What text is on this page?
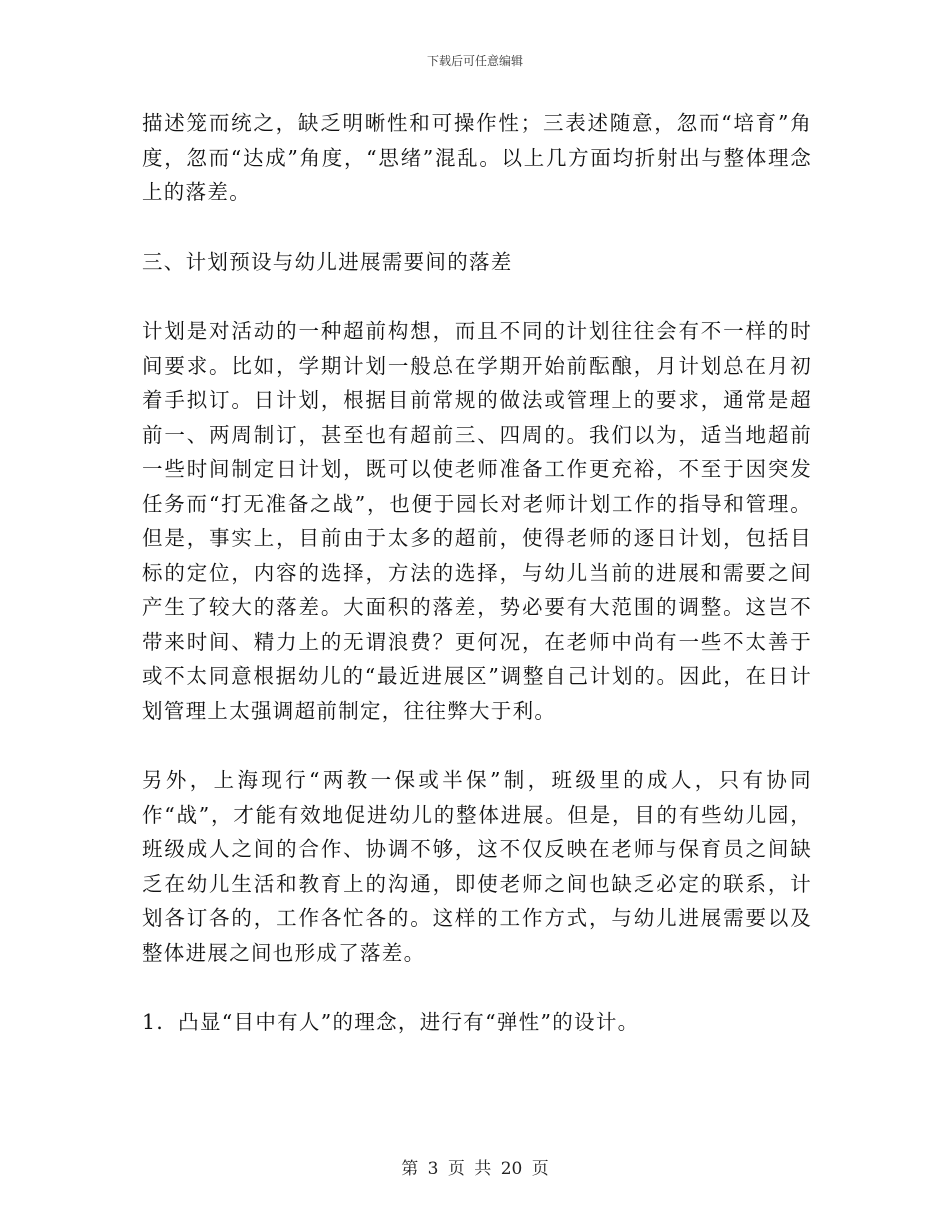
下载后可任意编辑

描述笼而统之，缺乏明晰性和可操作性；三表述随意，忽而“培育”角度，忽而“达成”角度，“思绪”混乱。以上几方面均折射出与整体理念上的落差。

三、计划预设与幼儿进展需要间的落差

计划是对活动的一种超前构想，而且不同的计划往往会有不一样的时间要求。比如，学期计划一般总在学期开始前酝酿，月计划总在月初着手拟订。日计划，根据目前常规的做法或管理上的要求，通常是超前一、两周制订，甚至也有超前三、四周的。我们以为，适当地超前一些时间制定日计划，既可以使老师准备工作更充裕，不至于因突发任务而“打无准备之战”，也便于园长对老师计划工作的指导和管理。但是，事实上，目前由于太多的超前，使得老师的逐日计划，包括目标的定位，内容的选择，方法的选择，与幼儿当前的进展和需要之间产生了较大的落差。大面积的落差，势必要有大范围的调整。这岂不带来时间、精力上的无谓浪费？更何况，在老师中尚有一些不太善于或不太同意根据幼儿的“最近进展区”调整自己计划的。因此，在日计划管理上太强调超前制定，往往弊大于利。

另外，上海现行“两教一保或半保”制，班级里的成人，只有协同作“战”，才能有效地促进幼儿的整体进展。但是，目的有些幼儿园，班级成人之间的合作、协调不够，这不仅反映在老师与保育员之间缺乏在幼儿生活和教育上的沟通，即使老师之间也缺乏必定的联系，计划各订各的，工作各忙各的。这样的工作方式，与幼儿进展需要以及整体进展之间也形成了落差。

1．凸显“目中有人”的理念，进行有“弹性”的设计。

第 3 页 共 20 页
